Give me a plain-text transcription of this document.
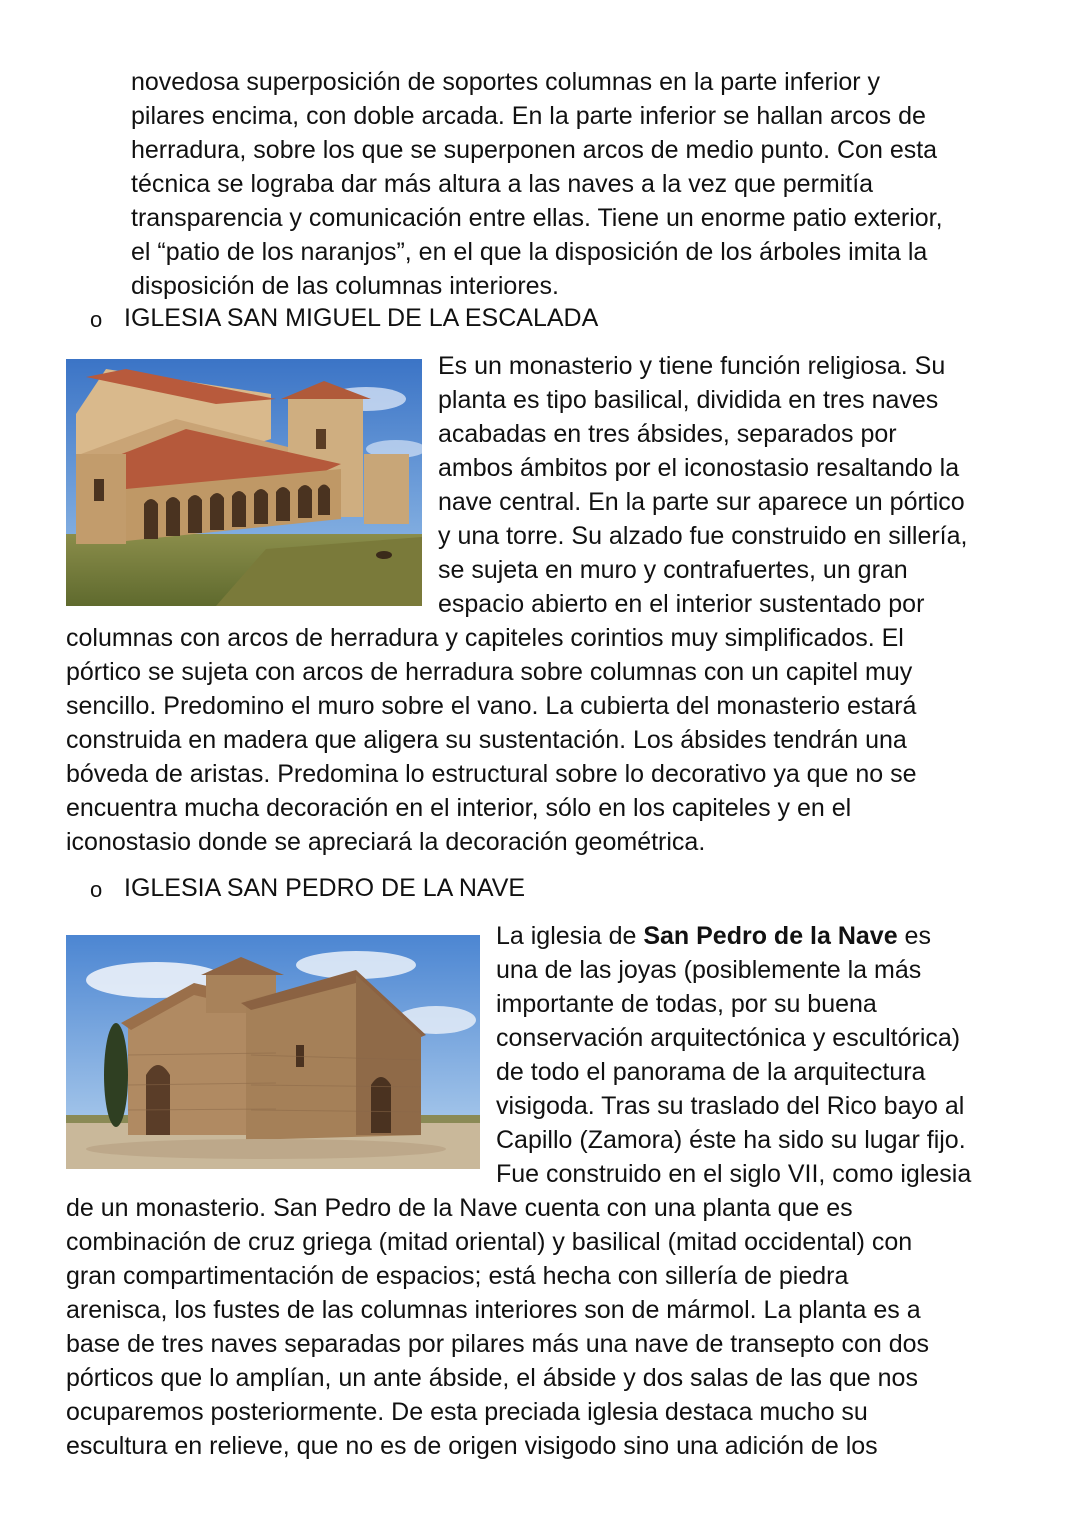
novedosa superposición de soportes columnas en la parte inferior y
pilares encima, con doble arcada. En la parte inferior se hallan arcos de
herradura, sobre los que se superponen arcos de medio punto. Con esta
técnica se lograba dar más altura a las naves a la vez que permitía
transparencia y comunicación entre ellas. Tiene un enorme patio exterior,
el “patio de los naranjos”, en el que la disposición de los árboles imita la
disposición de las columnas interiores.
o IGLESIA SAN MIGUEL DE LA ESCALADA
Es un monasterio y tiene función religiosa. Su
planta es tipo basilical, dividida en tres naves
acabadas en tres ábsides, separados por
ambos ámbitos por el iconostasio resaltando la
nave central. En la parte sur aparece un pórtico
y una torre. Su alzado fue construido en sillería,
se sujeta en muro y contrafuertes, un gran
espacio abierto en el interior sustentado por
columnas con arcos de herradura y capiteles corintios muy simplificados. El
pórtico se sujeta con arcos de herradura sobre columnas con un capitel muy
sencillo. Predomino el muro sobre el vano. La cubierta del monasterio estará
construida en madera que aligera su sustentación. Los ábsides tendrán una
bóveda de aristas. Predomina lo estructural sobre lo decorativo ya que no se
encuentra mucha decoración en el interior, sólo en los capiteles y en el
iconostasio donde se apreciará la decoración geométrica.
o IGLESIA SAN PEDRO DE LA NAVE
La iglesia de San Pedro de la Nave es
una de las joyas (posiblemente la más
importante de todas, por su buena
conservación arquitectónica y escultórica)
de todo el panorama de la arquitectura
visigoda. Tras su traslado del Rico bayo al
Capillo (Zamora) éste ha sido su lugar fijo.
Fue construido en el siglo VII, como iglesia
de un monasterio. San Pedro de la Nave cuenta con una planta que es
combinación de cruz griega (mitad oriental) y basilical (mitad occidental) con
gran compartimentación de espacios; está hecha con sillería de piedra
arenisca, los fustes de las columnas interiores son de mármol. La planta es a
base de tres naves separadas por pilares más una nave de transepto con dos
pórticos que lo amplían, un ante ábside, el ábside y dos salas de las que nos
ocuparemos posteriormente. De esta preciada iglesia destaca mucho su
escultura en relieve, que no es de origen visigodo sino una adición de los
